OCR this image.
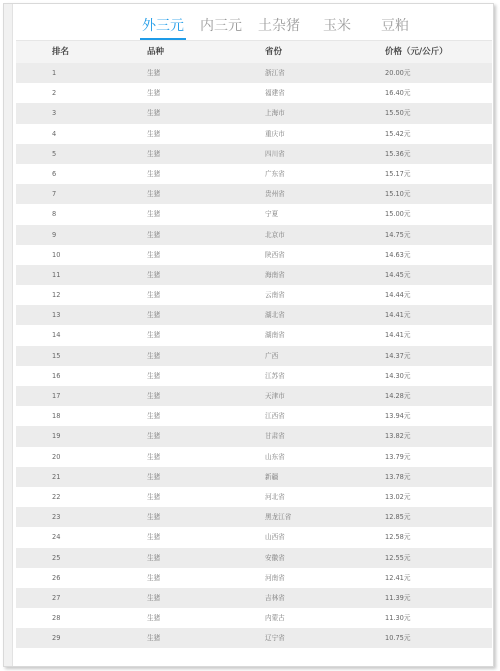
外三元	内三元	土杂猪	玉米	豆粕
排名	品种	省份	价格（元/公斤）
1	生猪	浙江省	20.00元
2	生猪	福建省	16.40元
3	生猪	上海市	15.50元
4	生猪	重庆市	15.42元
5	生猪	四川省	15.36元
6	生猪	广东省	15.17元
7	生猪	贵州省	15.10元
8	生猪	宁夏	15.00元
9	生猪	北京市	14.75元
10	生猪	陕西省	14.63元
11	生猪	海南省	14.45元
12	生猪	云南省	14.44元
13	生猪	湖北省	14.41元
14	生猪	湖南省	14.41元
15	生猪	广西	14.37元
16	生猪	江苏省	14.30元
17	生猪	天津市	14.28元
18	生猪	江西省	13.94元
19	生猪	甘肃省	13.82元
20	生猪	山东省	13.79元
21	生猪	新疆	13.78元
22	生猪	河北省	13.02元
23	生猪	黑龙江省	12.85元
24	生猪	山西省	12.58元
25	生猪	安徽省	12.55元
26	生猪	河南省	12.41元
27	生猪	吉林省	11.39元
28	生猪	内蒙古	11.30元
29	生猪	辽宁省	10.75元
